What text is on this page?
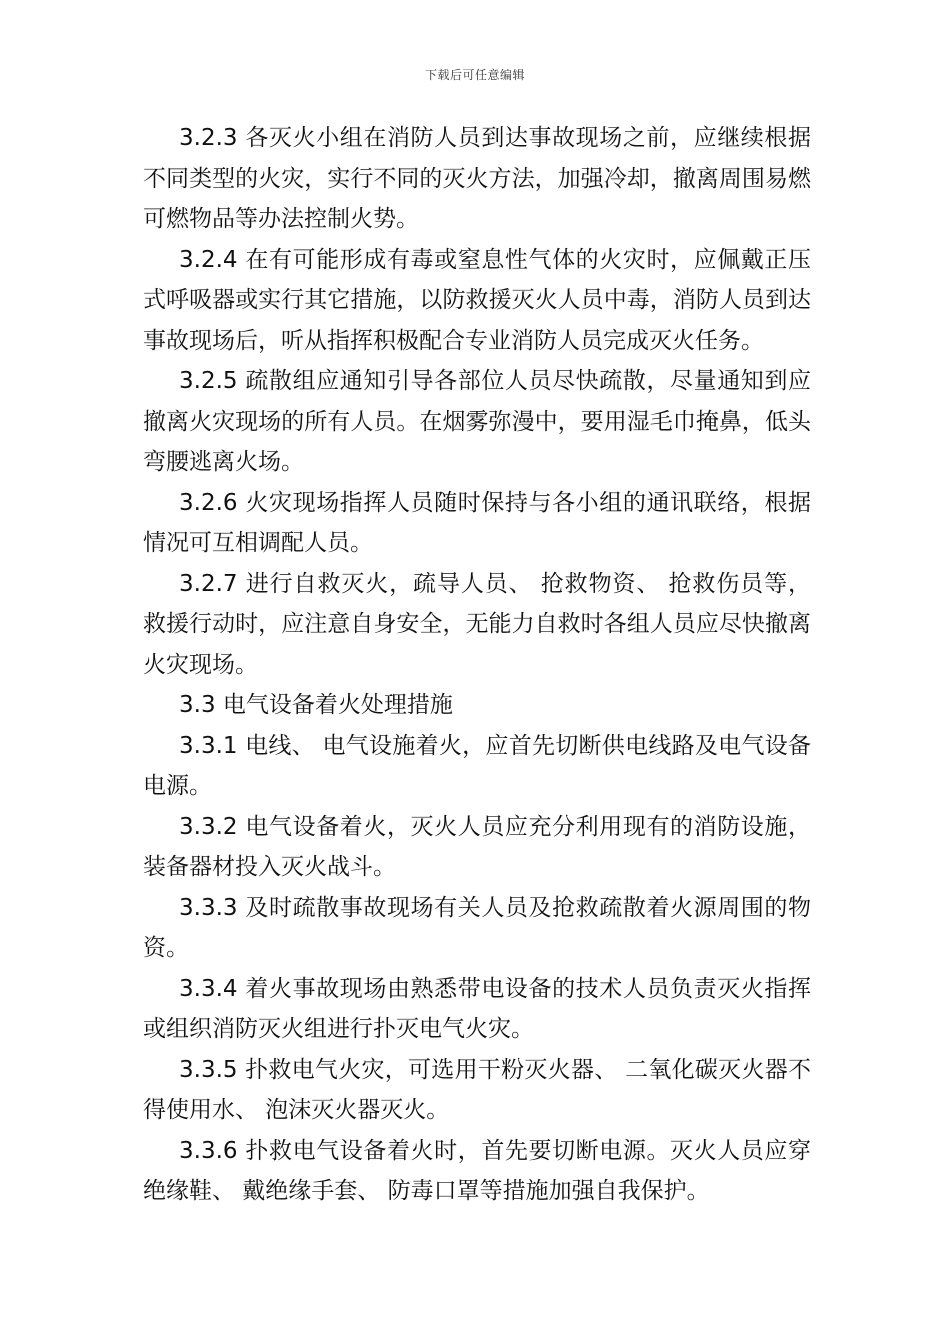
下载后可任意编辑

3.2.3 各灭火小组在消防人员到达事故现场之前，应继续根据不同类型的火灾，实行不同的灭火方法，加强冷却，撤离周围易燃可燃物品等办法控制火势。

3.2.4 在有可能形成有毒或窒息性气体的火灾时，应佩戴正压式呼吸器或实行其它措施，以防救援灭火人员中毒，消防人员到达事故现场后，听从指挥积极配合专业消防人员完成灭火任务。

3.2.5 疏散组应通知引导各部位人员尽快疏散，尽量通知到应撤离火灾现场的所有人员。在烟雾弥漫中，要用湿毛巾掩鼻，低头弯腰逃离火场。

3.2.6 火灾现场指挥人员随时保持与各小组的通讯联络，根据情况可互相调配人员。

3.2.7 进行自救灭火，疏导人员、 抢救物资、 抢救伤员等，救援行动时，应注意自身安全，无能力自救时各组人员应尽快撤离火灾现场。

3.3 电气设备着火处理措施

3.3.1 电线、 电气设施着火，应首先切断供电线路及电气设备电源。

3.3.2 电气设备着火，灭火人员应充分利用现有的消防设施，装备器材投入灭火战斗。

3.3.3 及时疏散事故现场有关人员及抢救疏散着火源周围的物资。

3.3.4 着火事故现场由熟悉带电设备的技术人员负责灭火指挥或组织消防灭火组进行扑灭电气火灾。

3.3.5 扑救电气火灾，可选用干粉灭火器、 二氧化碳灭火器不得使用水、 泡沫灭火器灭火。

3.3.6 扑救电气设备着火时，首先要切断电源。灭火人员应穿绝缘鞋、 戴绝缘手套、 防毒口罩等措施加强自我保护。
